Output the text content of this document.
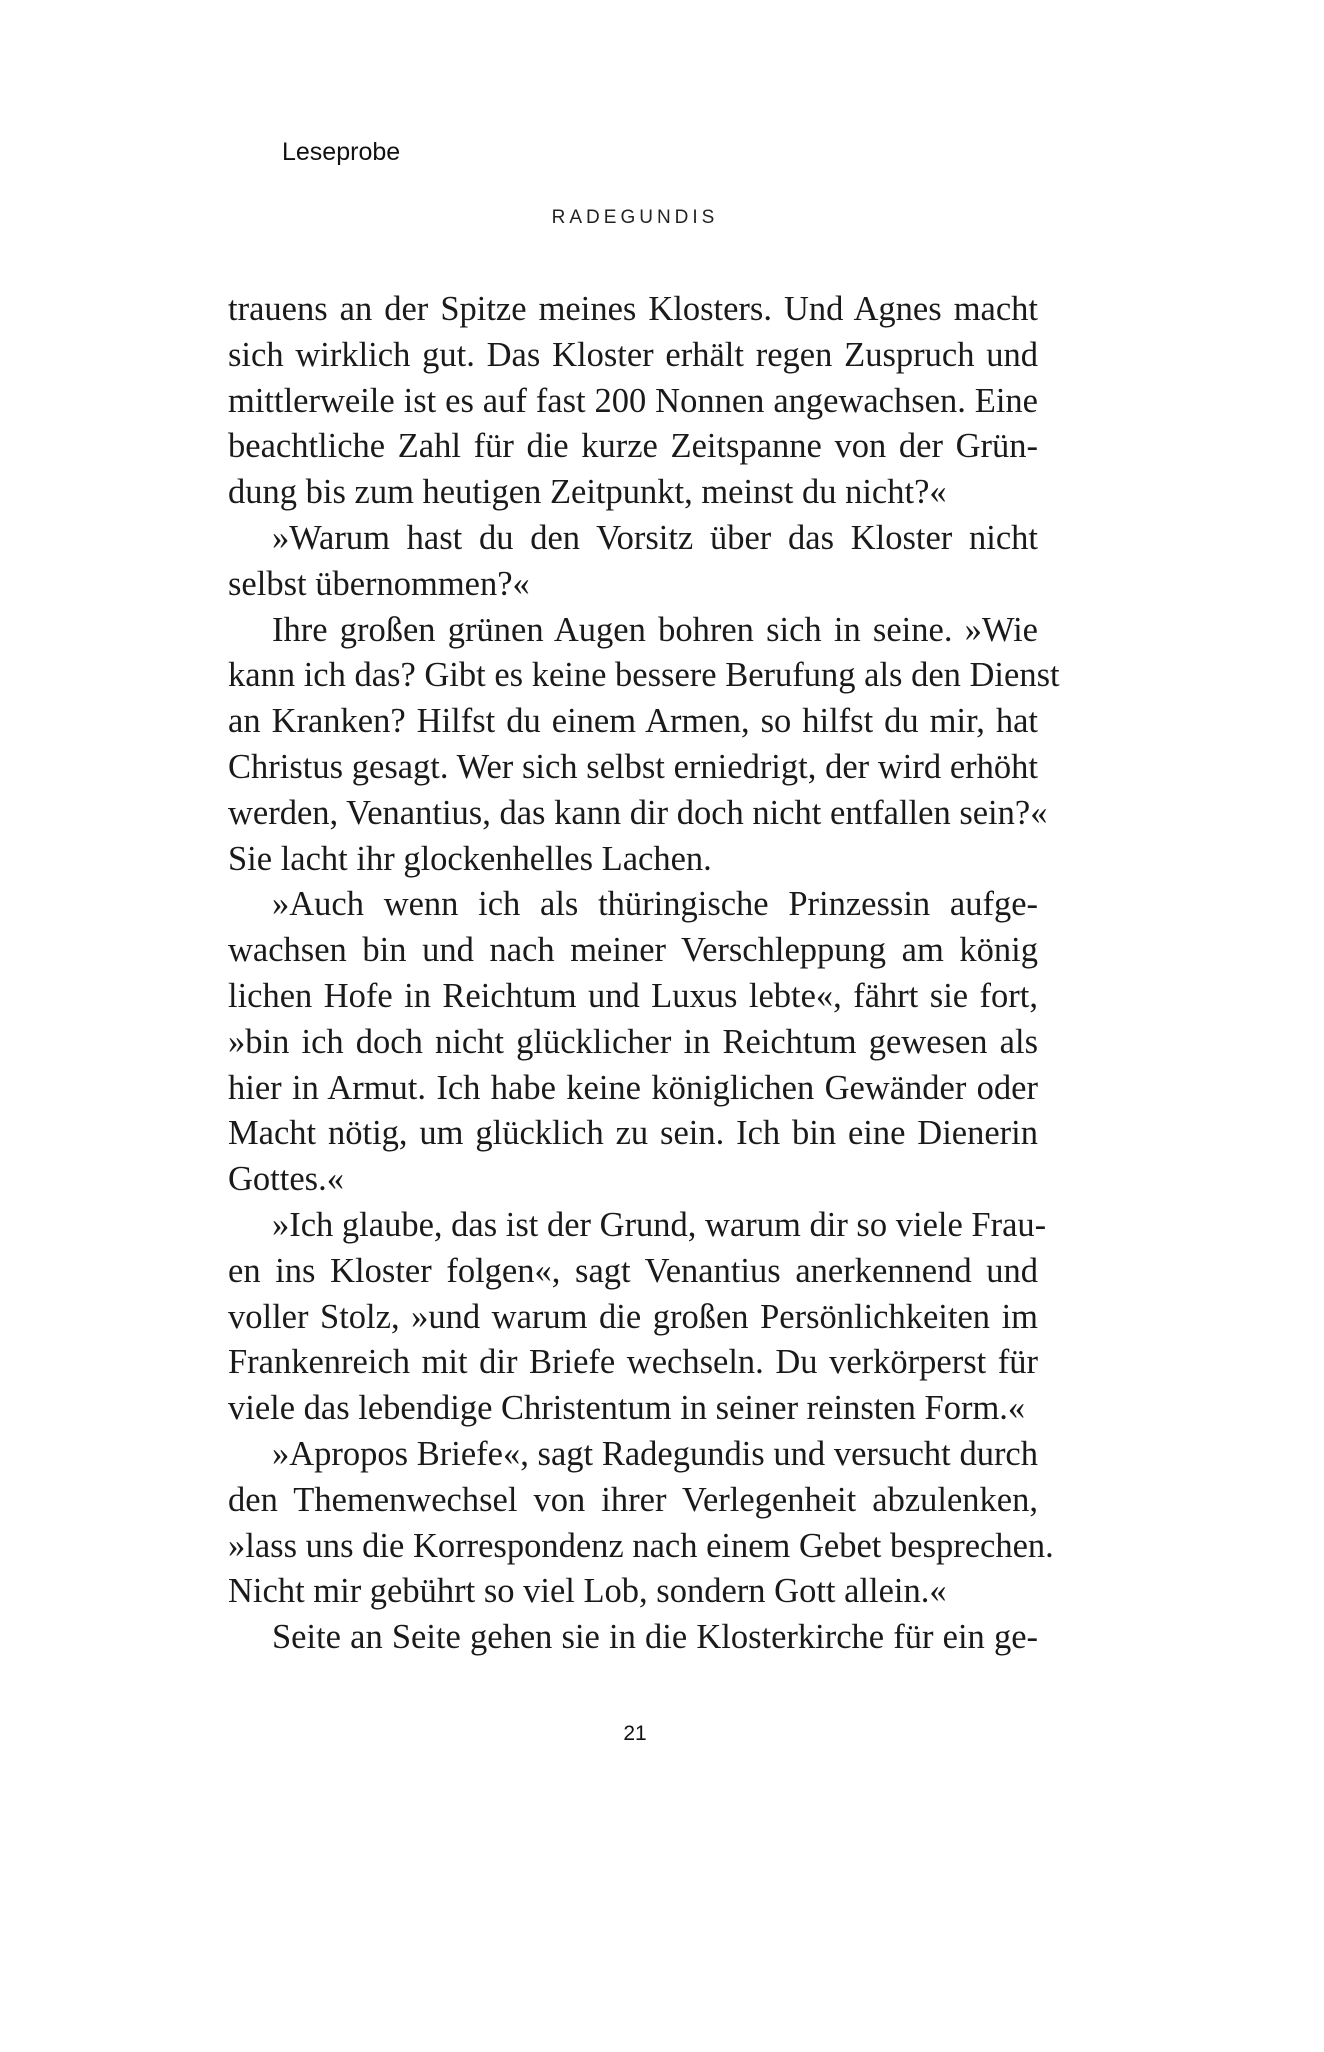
Leseprobe
RADEGUNDIS
trauens an der Spitze meines Klosters. Und Agnes macht
sich wirklich gut. Das Kloster erhält regen Zuspruch und
mittlerweile ist es auf fast 200 Nonnen angewachsen. Eine
beachtliche Zahl für die kurze Zeitspanne von der Grün-
dung bis zum heutigen Zeitpunkt, meinst du nicht?«
»Warum hast du den Vorsitz über das Kloster nicht
selbst übernommen?«
Ihre großen grünen Augen bohren sich in seine. »Wie
kann ich das? Gibt es keine bessere Berufung als den Dienst
an Kranken? Hilfst du einem Armen, so hilfst du mir, hat
Christus gesagt. Wer sich selbst erniedrigt, der wird erhöht
werden, Venantius, das kann dir doch nicht entfallen sein?«
Sie lacht ihr glockenhelles Lachen.
»Auch wenn ich als thüringische Prinzessin aufge-
wachsen bin und nach meiner Verschleppung am könig
lichen Hofe in Reichtum und Luxus lebte«, fährt sie fort,
»bin ich doch nicht glücklicher in Reichtum gewesen als
hier in Armut. Ich habe keine königlichen Gewänder oder
Macht nötig, um glücklich zu sein. Ich bin eine Dienerin
Gottes.«
»Ich glaube, das ist der Grund, warum dir so viele Frau-
en ins Kloster folgen«, sagt Venantius anerkennend und
voller Stolz, »und warum die großen Persönlichkeiten im
Frankenreich mit dir Briefe wechseln. Du verkörperst für
viele das lebendige Christentum in seiner reinsten Form.«
»Apropos Briefe«, sagt Radegundis und versucht durch
den Themenwechsel von ihrer Verlegenheit abzulenken,
»lass uns die Korrespondenz nach einem Gebet besprechen.
Nicht mir gebührt so viel Lob, sondern Gott allein.«
Seite an Seite gehen sie in die Klosterkirche für ein ge-
21
